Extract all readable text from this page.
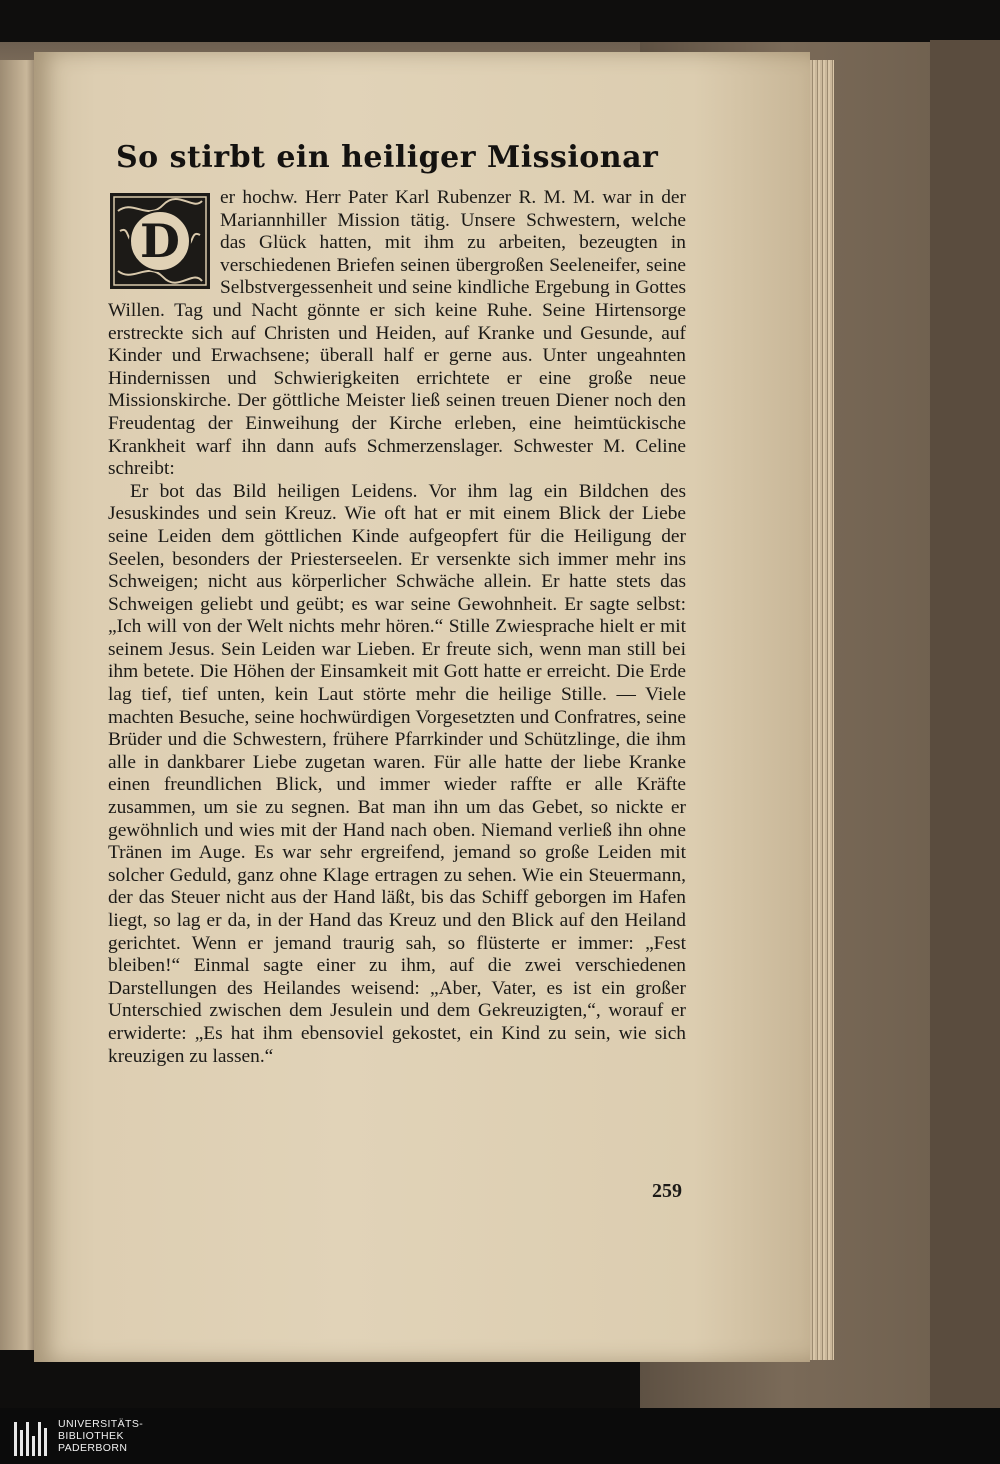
So stirbt ein heiliger Missionar
D

er hochw. Herr Pater Karl Rubenzer R. M. M. war in der Mariannhiller Mission tätig. Unsere Schwestern, welche das Glück hatten, mit ihm zu arbeiten, bezeugten in verschiedenen Briefen seinen übergroßen Seeleneifer, seine Selbstvergessenheit und seine kindliche Ergebung in Gottes Willen. Tag und Nacht gönnte er sich keine Ruhe. Seine Hirtensorge erstreckte sich auf Christen und Heiden, auf Kranke und Gesunde, auf Kinder und Erwachsene; überall half er gerne aus. Unter ungeahnten Hindernissen und Schwierigkeiten errichtete er eine große neue Missionskirche. Der göttliche Meister ließ seinen treuen Diener noch den Freudentag der Einweihung der Kirche erleben, eine heimtückische Krankheit warf ihn dann aufs Schmerzenslager. Schwester M. Celine schreibt:

Er bot das Bild heiligen Leidens. Vor ihm lag ein Bildchen des Jesuskindes und sein Kreuz. Wie oft hat er mit einem Blick der Liebe seine Leiden dem göttlichen Kinde aufgeopfert für die Heiligung der Seelen, besonders der Priesterseelen. Er versenkte sich immer mehr ins Schweigen; nicht aus körperlicher Schwäche allein. Er hatte stets das Schweigen geliebt und geübt; es war seine Gewohnheit. Er sagte selbst: „Ich will von der Welt nichts mehr hören.“ Stille Zwiesprache hielt er mit seinem Jesus. Sein Leiden war Lieben. Er freute sich, wenn man still bei ihm betete. Die Höhen der Einsamkeit mit Gott hatte er erreicht. Die Erde lag tief, tief unten, kein Laut störte mehr die heilige Stille. — Viele machten Besuche, seine hochwürdigen Vorgesetzten und Confratres, seine Brüder und die Schwestern, frühere Pfarrkinder und Schützlinge, die ihm alle in dankbarer Liebe zugetan waren. Für alle hatte der liebe Kranke einen freundlichen Blick, und immer wieder raffte er alle Kräfte zusammen, um sie zu segnen. Bat man ihn um das Gebet, so nickte er gewöhnlich und wies mit der Hand nach oben. Niemand verließ ihn ohne Tränen im Auge. Es war sehr ergreifend, jemand so große Leiden mit solcher Geduld, ganz ohne Klage ertragen zu sehen. Wie ein Steuermann, der das Steuer nicht aus der Hand läßt, bis das Schiff geborgen im Hafen liegt, so lag er da, in der Hand das Kreuz und den Blick auf den Heiland gerichtet. Wenn er jemand traurig sah, so flüsterte er immer: „Fest bleiben!“ Einmal sagte einer zu ihm, auf die zwei verschiedenen Darstellungen des Heilandes weisend: „Aber, Vater, es ist ein großer Unterschied zwischen dem Jesulein und dem Gekreuzigten,“, worauf er erwiderte: „Es hat ihm ebensoviel gekostet, ein Kind zu sein, wie sich kreuzigen zu lassen.“

259
UNIVERSITÄTS-
BIBLIOTHEK
PADERBORN
